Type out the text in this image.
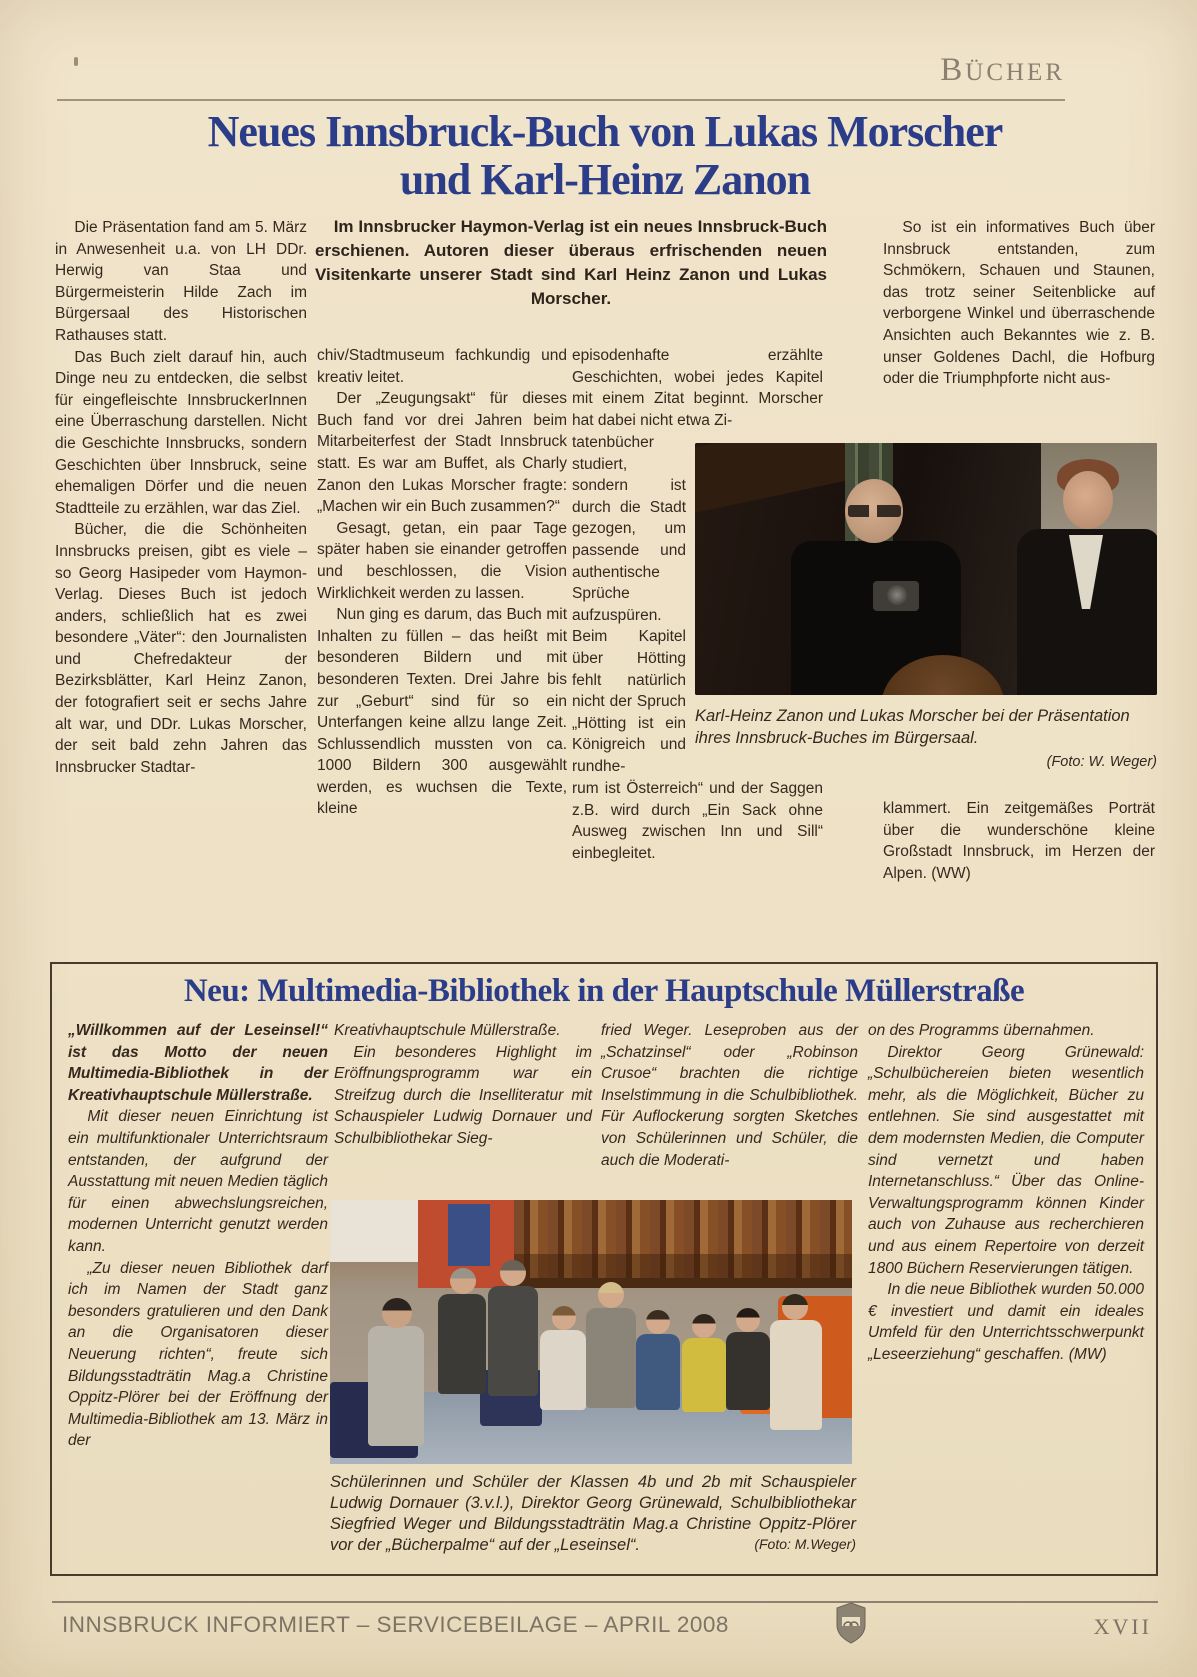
BÜCHER
Neues Innsbruck-Buch von Lukas Morscher
und Karl-Heinz Zanon

Die Präsentation fand am 5. März in Anwesenheit u.a. von LH DDr. Herwig van Staa und Bürgermeisterin Hilde Zach im Bürgersaal des Historischen Rathauses statt.

Das Buch zielt darauf hin, auch Dinge neu zu entdecken, die selbst für eingefleischte InnsbruckerInnen eine Überraschung darstellen. Nicht die Geschichte Innsbrucks, sondern Geschichten über Innsbruck, seine ehemaligen Dörfer und die neuen Stadtteile zu erzählen, war das Ziel.

Bücher, die die Schönheiten Innsbrucks preisen, gibt es viele – so Georg Hasipeder vom Haymon-Verlag. Dieses Buch ist jedoch anders, schließlich hat es zwei besondere „Väter“: den Journalisten und Chefredakteur der Bezirksblätter, Karl Heinz Zanon, der fotografiert seit er sechs Jahre alt war, und DDr. Lukas Morscher, der seit bald zehn Jahren das Innsbrucker Stadtar-

Im Innsbrucker Haymon-Verlag ist ein neues Innsbruck-Buch erschienen. Autoren dieser überaus erfrischenden neuen Visitenkarte unserer Stadt sind Karl Heinz Zanon und Lukas Morscher.

chiv/Stadtmuseum fachkundig und kreativ leitet.

Der „Zeugungsakt“ für dieses Buch fand vor drei Jahren beim Mitarbeiterfest der Stadt Innsbruck statt. Es war am Buffet, als Charly Zanon den Lukas Morscher fragte: „Machen wir ein Buch zusammen?“

Gesagt, getan, ein paar Tage später haben sie einander getroffen und beschlossen, die Vision Wirklichkeit werden zu lassen.

Nun ging es darum, das Buch mit Inhalten zu füllen – das heißt mit besonderen Bildern und mit besonderen Texten. Drei Jahre bis zur „Geburt“ sind für so ein Unterfangen keine allzu lange Zeit. Schlussendlich mussten von ca. 1000 Bildern 300 ausgewählt werden, es wuchsen die Texte, kleine

episodenhafte erzählte Geschichten, wobei jedes Kapitel mit einem Zitat beginnt. Morscher hat dabei nicht etwa Zi-
tatenbücher studiert, sondern ist durch die Stadt gezogen, um passende und authentische Sprüche aufzuspüren. Beim Kapitel über Hötting fehlt natürlich nicht der Spruch „Hötting ist ein Königreich und rundhe-
rum ist Österreich“ und der Saggen z.B. wird durch „Ein Sack ohne Ausweg zwischen Inn und Sill“ einbegleitet.

So ist ein informatives Buch über Innsbruck entstanden, zum Schmökern, Schauen und Staunen, das trotz seiner Seitenblicke auf verborgene Winkel und überraschende Ansichten auch Bekanntes wie z. B. unser Goldenes Dachl, die Hofburg oder die Triumphpforte nicht aus-

klammert. Ein zeitgemäßes Porträt über die wunderschöne kleine Großstadt Innsbruck, im Herzen der Alpen. (WW)

Karl-Heinz Zanon und Lukas Morscher bei der Präsentation ihres Innsbruck-Buches im Bürgersaal.

(Foto: W. Weger)
Neu: Multimedia-Bibliothek in der Hauptschule Müllerstraße

„Willkommen auf der Leseinsel!“ ist das Motto der neuen Multimedia-Bibliothek in der Kreativhauptschule Müllerstraße.

Mit dieser neuen Einrichtung ist ein multifunktionaler Unterrichtsraum entstanden, der aufgrund der Ausstattung mit neuen Medien täglich für einen abwechslungsreichen, modernen Unterricht genutzt werden kann.

„Zu dieser neuen Bibliothek darf ich im Namen der Stadt ganz besonders gratulieren und den Dank an die Organisatoren dieser Neuerung richten“, freute sich Bildungsstadträtin Mag.a Christine Oppitz-Plörer bei der Eröffnung der Multimedia-Bibliothek am 13. März in der

Kreativhauptschule Müllerstraße.

Ein besonderes Highlight im Eröffnungsprogramm war ein Streifzug durch die Inselliteratur mit Schauspieler Ludwig Dornauer und Schulbibliothekar Sieg-

fried Weger. Leseproben aus der „Schatzinsel“ oder „Robinson Crusoe“ brachten die richtige Inselstimmung in die Schulbibliothek. Für Auflockerung sorgten Sketches von Schülerinnen und Schüler, die auch die Moderati-

on des Programms übernahmen.

Direktor Georg Grünewald: „Schulbüchereien bieten wesentlich mehr, als die Möglichkeit, Bücher zu entlehnen. Sie sind ausgestattet mit dem modernsten Medien, die Computer sind vernetzt und haben Internetanschluss.“ Über das Online-Verwaltungsprogramm können Kinder auch von Zuhause aus recherchieren und aus einem Repertoire von derzeit 1800 Büchern Reservierungen tätigen.

In die neue Bibliothek wurden 50.000 € investiert und damit ein ideales Umfeld für den Unterrichtsschwerpunkt „Leseerziehung“ geschaffen. (MW)

Schülerinnen und Schüler der Klassen 4b und 2b mit Schauspieler Ludwig Dornauer (3.v.l.), Direktor Georg Grünewald, Schulbibliothekar Siegfried Weger und Bildungsstadträtin Mag.a Christine Oppitz-Plörer vor der „Bücherpalme“ auf der „Leseinsel“.	(Foto: M.Weger)
INNSBRUCK INFORMIERT – SERVICEBEILAGE – APRIL 2008	XVII
